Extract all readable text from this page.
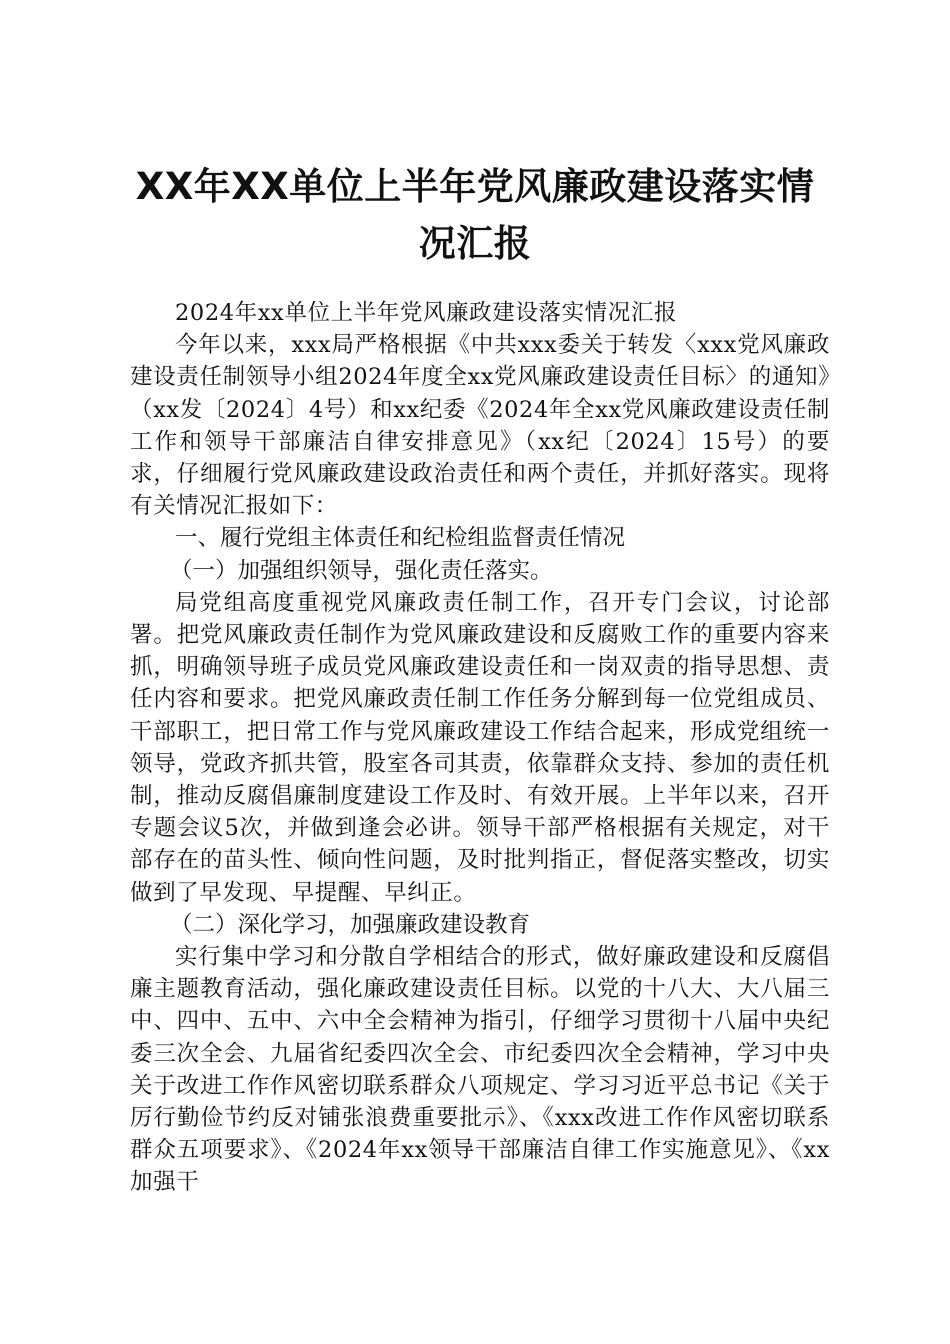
XX年XX单位上半年党风廉政建设落实情况汇报

2024年xx单位上半年党风廉政建设落实情况汇报

今年以来，xxx局严格根据《中共xxx委关于转发〈xxx党风廉政建设责任制领导小组2024年度全xx党风廉政建设责任目标〉的通知》（xx发〔2024〕4号）和xx纪委《2024年全xx党风廉政建设责任制工作和领导干部廉洁自律安排意见》（xx纪〔2024〕15号）的要求，仔细履行党风廉政建设政治责任和两个责任，并抓好落实。现将有关情况汇报如下：

一、履行党组主体责任和纪检组监督责任情况

（一）加强组织领导，强化责任落实。

局党组高度重视党风廉政责任制工作，召开专门会议，讨论部署。把党风廉政责任制作为党风廉政建设和反腐败工作的重要内容来抓，明确领导班子成员党风廉政建设责任和一岗双责的指导思想、责任内容和要求。把党风廉政责任制工作任务分解到每一位党组成员、干部职工，把日常工作与党风廉政建设工作结合起来，形成党组统一领导，党政齐抓共管，股室各司其责，依靠群众支持、参加的责任机制，推动反腐倡廉制度建设工作及时、有效开展。上半年以来，召开专题会议5次，并做到逢会必讲。领导干部严格根据有关规定，对干部存在的苗头性、倾向性问题，及时批判指正，督促落实整改，切实做到了早发现、早提醒、早纠正。

（二）深化学习，加强廉政建设教育

实行集中学习和分散自学相结合的形式，做好廉政建设和反腐倡廉主题教育活动，强化廉政建设责任目标。以党的十八大、大八届三中、四中、五中、六中全会精神为指引，仔细学习贯彻十八届中央纪委三次全会、九届省纪委四次全会、市纪委四次全会精神，学习中央关于改进工作作风密切联系群众八项规定、学习习近平总书记《关于厉行勤俭节约反对铺张浪费重要批示》、《xxx改进工作作风密切联系群众五项要求》、《2024年xx领导干部廉洁自律工作实施意见》、《xx加强干
